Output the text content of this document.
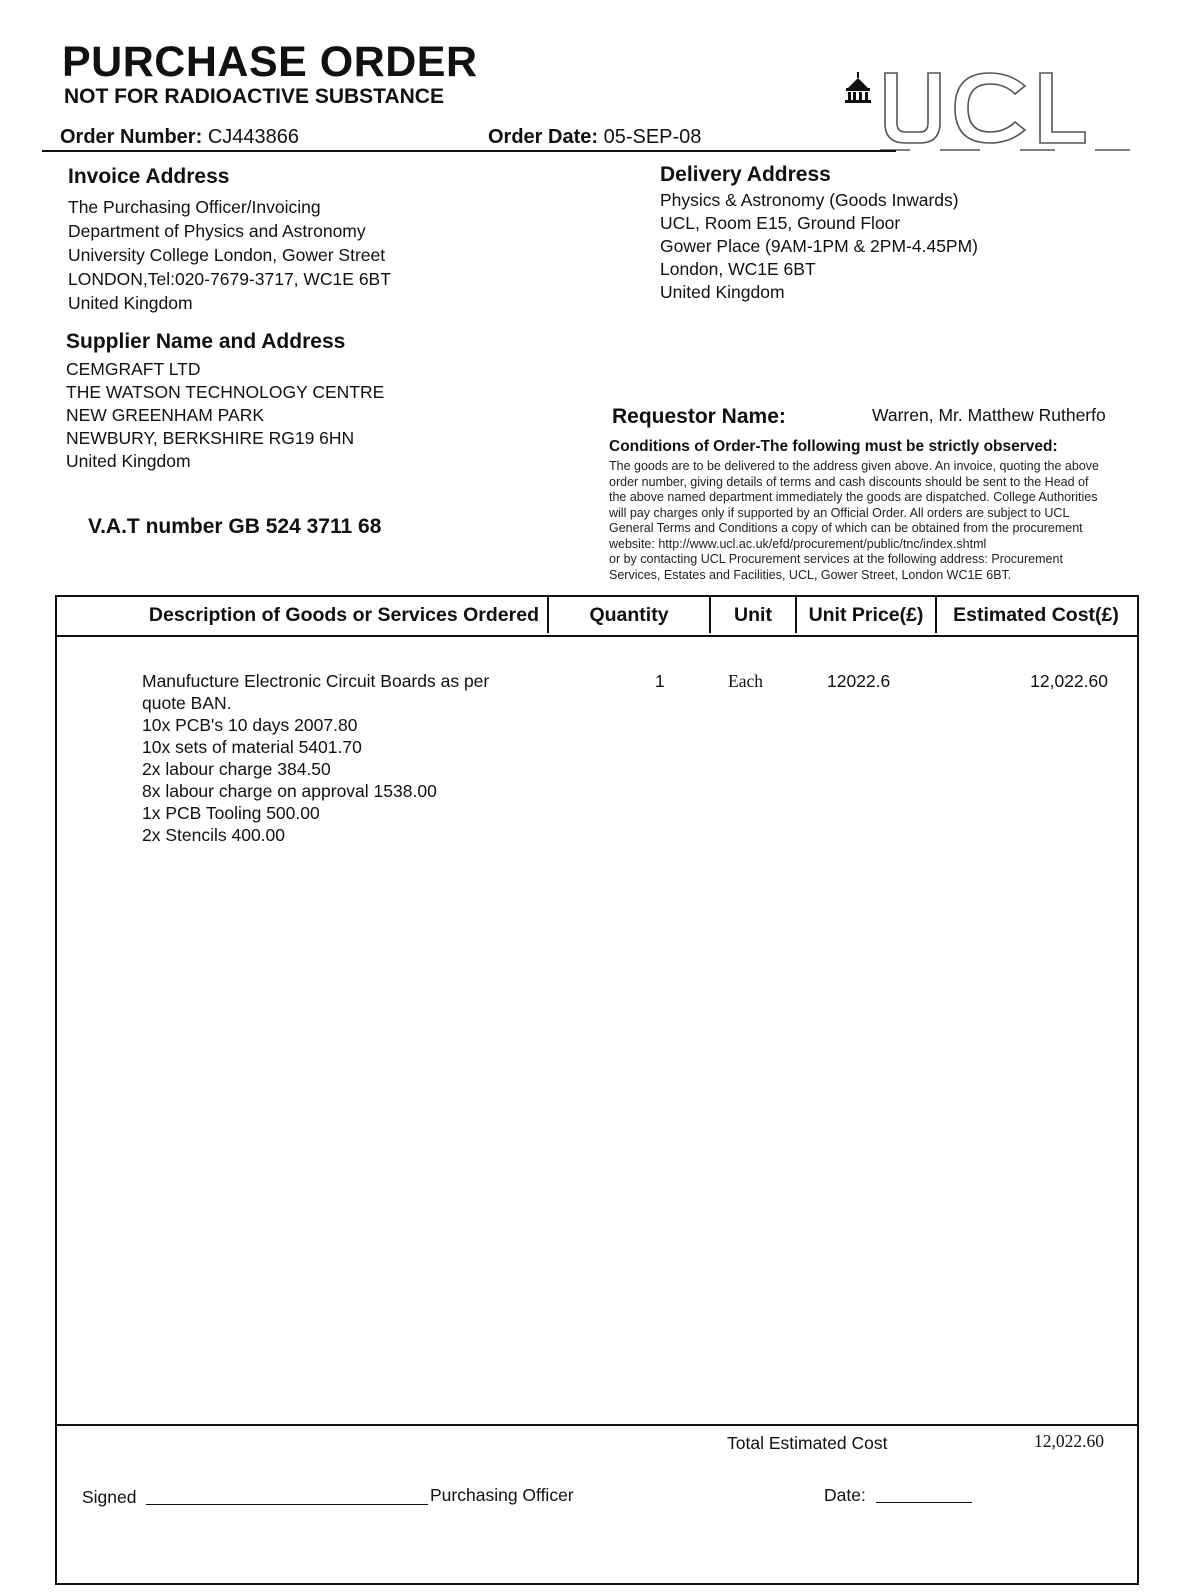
PURCHASE ORDER
NOT FOR RADIOACTIVE SUBSTANCE
Order Number: CJ443866	Order Date: 05-SEP-08
Invoice Address
The Purchasing Officer/Invoicing
Department of Physics and Astronomy
University College London, Gower Street
LONDON,Tel:020-7679-3717, WC1E 6BT
United Kingdom
Delivery Address
Physics & Astronomy (Goods Inwards)
UCL, Room E15, Ground Floor
Gower Place (9AM-1PM & 2PM-4.45PM)
London, WC1E 6BT
United Kingdom
Supplier Name and Address
CEMGRAFT LTD
THE WATSON TECHNOLOGY CENTRE
NEW GREENHAM PARK
NEWBURY, BERKSHIRE RG19 6HN
United Kingdom
V.A.T number GB 524 3711 68
Requestor Name:	Warren, Mr. Matthew Rutherfo
Conditions of Order-The following must be strictly observed:
The goods are to be delivered to the address given above. An invoice, quoting the above
order number, giving details of terms and cash discounts should be sent to the Head of
the above named department immediately the goods are dispatched. College Authorities
will pay charges only if supported by an Official Order. All orders are subject to UCL
General Terms and Conditions a copy of which can be obtained from the procurement
website: http://www.ucl.ac.uk/efd/procurement/public/tnc/index.shtml
or by contacting UCL Procurement services at the following address: Procurement
Services, Estates and Facilities, UCL, Gower Street, London WC1E 6BT.
Description of Goods or Services Ordered	Quantity	Unit	Unit Price(£)	Estimated Cost(£)
Manufucture Electronic Circuit Boards as per
quote BAN.
10x PCB's 10 days 2007.80
10x sets of material 5401.70
2x labour charge 384.50
8x labour charge on approval 1538.00
1x PCB Tooling 500.00
2x Stencils 400.00
1	Each	12022.6	12,022.60
Total Estimated Cost	12,022.60
Signed	Purchasing Officer	Date:
